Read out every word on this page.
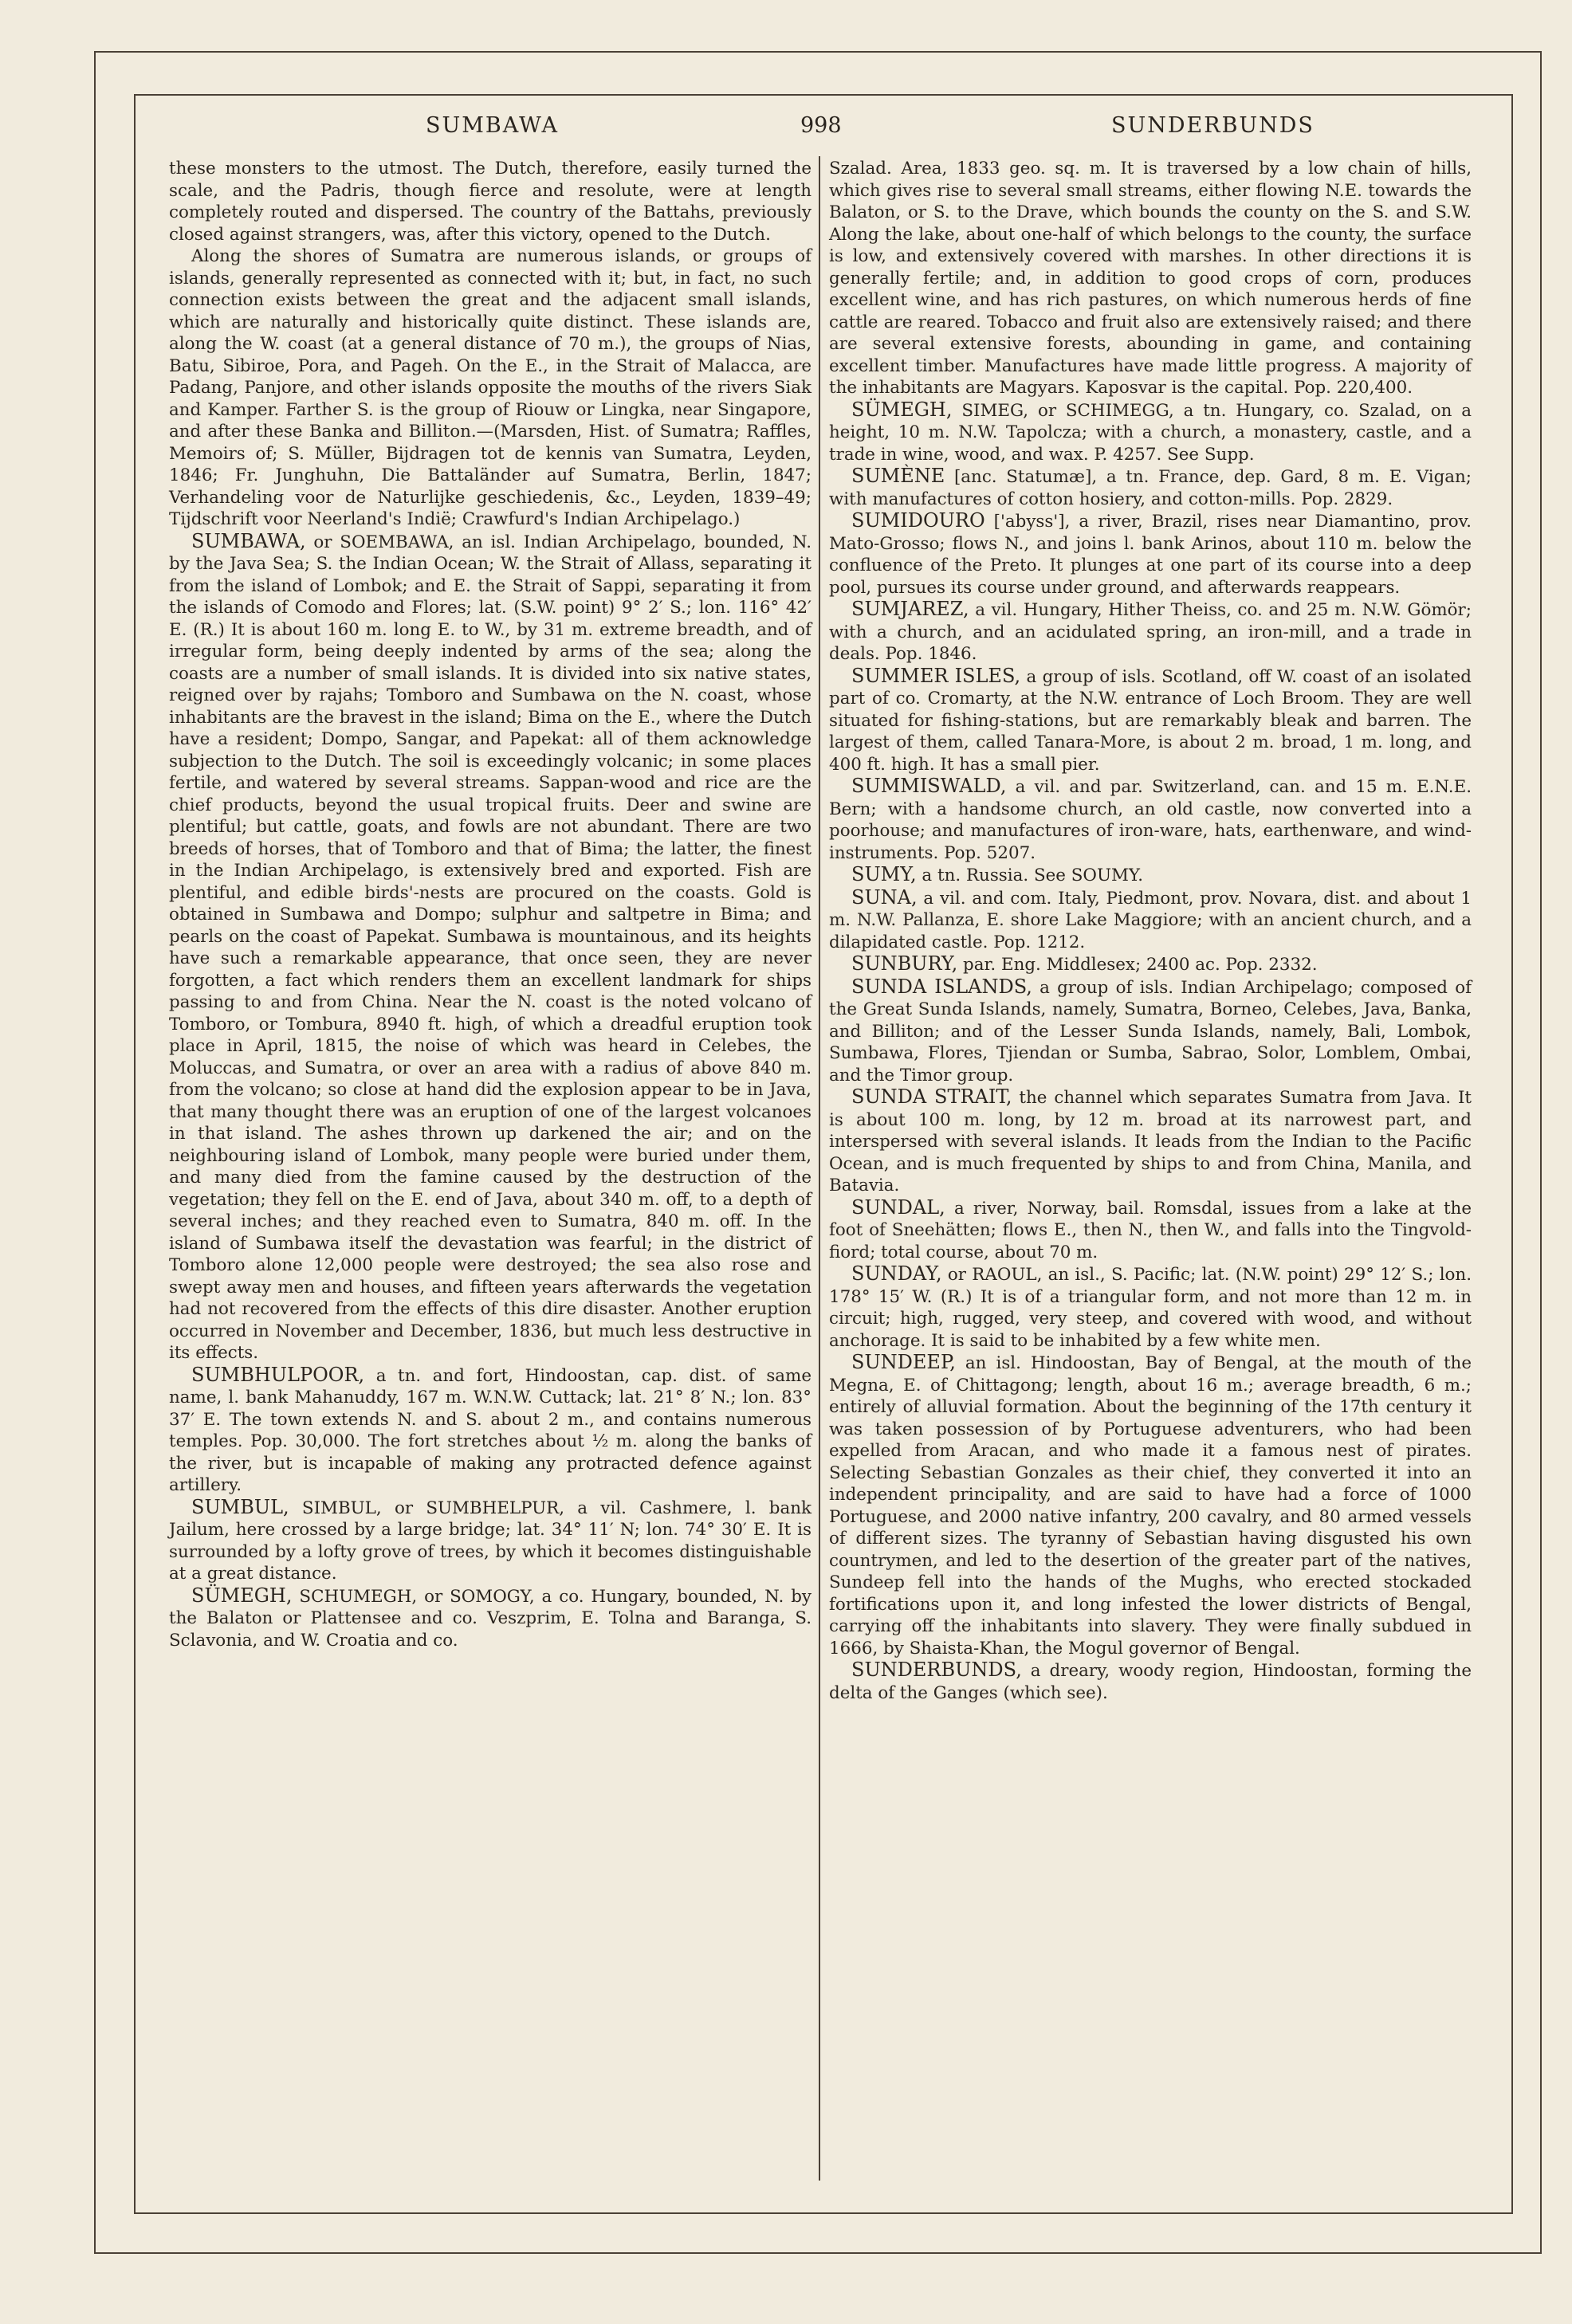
SUMBAWA	998	SUNDERBUNDS

these monsters to the utmost. The Dutch, therefore, easily turned the scale, and the Padris, though fierce and resolute, were at length completely routed and dispersed. The country of the Battahs, previously closed against strangers, was, after this victory, opened to the Dutch.

Along the shores of Sumatra are numerous islands, or groups of islands, generally represented as connected with it; but, in fact, no such connection exists between the great and the adjacent small islands, which are naturally and historically quite distinct. These islands are, along the W. coast (at a general distance of 70 m.), the groups of Nias, Batu, Sibiroe, Pora, and Pageh. On the E., in the Strait of Malacca, are Padang, Panjore, and other islands opposite the mouths of the rivers Siak and Kamper. Farther S. is the group of Riouw or Lingka, near Singapore, and after these Banka and Billiton.—(Marsden, Hist. of Sumatra; Raffles, Memoirs of; S. Müller, Bijdragen tot de kennis van Sumatra, Leyden, 1846; Fr. Junghuhn, Die Battaländer auf Sumatra, Berlin, 1847; Verhandeling voor de Naturlijke geschiedenis, &c., Leyden, 1839–49; Tijdschrift voor Neerland's Indië; Crawfurd's Indian Archipelago.)

SUMBAWA, or SOEMBAWA, an isl. Indian Archipelago, bounded, N. by the Java Sea; S. the Indian Ocean; W. the Strait of Allass, separating it from the island of Lombok; and E. the Strait of Sappi, separating it from the islands of Comodo and Flores; lat. (S.W. point) 9° 2′ S.; lon. 116° 42′ E. (R.) It is about 160 m. long E. to W., by 31 m. extreme breadth, and of irregular form, being deeply indented by arms of the sea; along the coasts are a number of small islands. It is divided into six native states, reigned over by rajahs; Tomboro and Sumbawa on the N. coast, whose inhabitants are the bravest in the island; Bima on the E., where the Dutch have a resident; Dompo, Sangar, and Papekat: all of them acknowledge subjection to the Dutch. The soil is exceedingly volcanic; in some places fertile, and watered by several streams. Sappan-wood and rice are the chief products, beyond the usual tropical fruits. Deer and swine are plentiful; but cattle, goats, and fowls are not abundant. There are two breeds of horses, that of Tomboro and that of Bima; the latter, the finest in the Indian Archipelago, is extensively bred and exported. Fish are plentiful, and edible birds'-nests are procured on the coasts. Gold is obtained in Sumbawa and Dompo; sulphur and saltpetre in Bima; and pearls on the coast of Papekat. Sumbawa is mountainous, and its heights have such a remarkable appearance, that once seen, they are never forgotten, a fact which renders them an excellent landmark for ships passing to and from China. Near the N. coast is the noted volcano of Tomboro, or Tombura, 8940 ft. high, of which a dreadful eruption took place in April, 1815, the noise of which was heard in Celebes, the Moluccas, and Sumatra, or over an area with a radius of above 840 m. from the volcano; so close at hand did the explosion appear to be in Java, that many thought there was an eruption of one of the largest volcanoes in that island. The ashes thrown up darkened the air; and on the neighbouring island of Lombok, many people were buried under them, and many died from the famine caused by the destruction of the vegetation; they fell on the E. end of Java, about 340 m. off, to a depth of several inches; and they reached even to Sumatra, 840 m. off. In the island of Sumbawa itself the devastation was fearful; in the district of Tomboro alone 12,000 people were destroyed; the sea also rose and swept away men and houses, and fifteen years afterwards the vegetation had not recovered from the effects of this dire disaster. Another eruption occurred in November and December, 1836, but much less destructive in its effects.

SUMBHULPOOR, a tn. and fort, Hindoostan, cap. dist. of same name, l. bank Mahanuddy, 167 m. W.N.W. Cuttack; lat. 21° 8′ N.; lon. 83° 37′ E. The town extends N. and S. about 2 m., and contains numerous temples. Pop. 30,000. The fort stretches about ½ m. along the banks of the river, but is incapable of making any protracted defence against artillery.

SUMBUL, SIMBUL, or SUMBHELPUR, a vil. Cashmere, l. bank Jailum, here crossed by a large bridge; lat. 34° 11′ N; lon. 74° 30′ E. It is surrounded by a lofty grove of trees, by which it becomes distinguishable at a great distance.

SÜMEGH, SCHUMEGH, or SOMOGY, a co. Hungary, bounded, N. by the Balaton or Plattensee and co. Veszprim, E. Tolna and Baranga, S. Sclavonia, and W. Croatia and co.

Szalad. Area, 1833 geo. sq. m. It is traversed by a low chain of hills, which gives rise to several small streams, either flowing N.E. towards the Balaton, or S. to the Drave, which bounds the county on the S. and S.W. Along the lake, about one-half of which belongs to the county, the surface is low, and extensively covered with marshes. In other directions it is generally fertile; and, in addition to good crops of corn, produces excellent wine, and has rich pastures, on which numerous herds of fine cattle are reared. Tobacco and fruit also are extensively raised; and there are several extensive forests, abounding in game, and containing excellent timber. Manufactures have made little progress. A majority of the inhabitants are Magyars. Kaposvar is the capital. Pop. 220,400.

SÜMEGH, SIMEG, or SCHIMEGG, a tn. Hungary, co. Szalad, on a height, 10 m. N.W. Tapolcza; with a church, a monastery, castle, and a trade in wine, wood, and wax. P. 4257. See Supp.

SUMÈNE [anc. Statumæ], a tn. France, dep. Gard, 8 m. E. Vigan; with manufactures of cotton hosiery, and cotton-mills. Pop. 2829.

SUMIDOURO ['abyss'], a river, Brazil, rises near Diamantino, prov. Mato-Grosso; flows N., and joins l. bank Arinos, about 110 m. below the confluence of the Preto. It plunges at one part of its course into a deep pool, pursues its course under ground, and afterwards reappears.

SUMJAREZ, a vil. Hungary, Hither Theiss, co. and 25 m. N.W. Gömör; with a church, and an acidulated spring, an iron-mill, and a trade in deals. Pop. 1846.

SUMMER ISLES, a group of isls. Scotland, off W. coast of an isolated part of co. Cromarty, at the N.W. entrance of Loch Broom. They are well situated for fishing-stations, but are remarkably bleak and barren. The largest of them, called Tanara-More, is about 2 m. broad, 1 m. long, and 400 ft. high. It has a small pier.

SUMMISWALD, a vil. and par. Switzerland, can. and 15 m. E.N.E. Bern; with a handsome church, an old castle, now converted into a poorhouse; and manufactures of iron-ware, hats, earthenware, and wind-instruments. Pop. 5207.

SUMY, a tn. Russia. See SOUMY.

SUNA, a vil. and com. Italy, Piedmont, prov. Novara, dist. and about 1 m. N.W. Pallanza, E. shore Lake Maggiore; with an ancient church, and a dilapidated castle. Pop. 1212.

SUNBURY, par. Eng. Middlesex; 2400 ac. Pop. 2332.

SUNDA ISLANDS, a group of isls. Indian Archipelago; composed of the Great Sunda Islands, namely, Sumatra, Borneo, Celebes, Java, Banka, and Billiton; and of the Lesser Sunda Islands, namely, Bali, Lombok, Sumbawa, Flores, Tjiendan or Sumba, Sabrao, Solor, Lomblem, Ombai, and the Timor group.

SUNDA STRAIT, the channel which separates Sumatra from Java. It is about 100 m. long, by 12 m. broad at its narrowest part, and interspersed with several islands. It leads from the Indian to the Pacific Ocean, and is much frequented by ships to and from China, Manila, and Batavia.

SUNDAL, a river, Norway, bail. Romsdal, issues from a lake at the foot of Sneehätten; flows E., then N., then W., and falls into the Tingvold-fiord; total course, about 70 m.

SUNDAY, or RAOUL, an isl., S. Pacific; lat. (N.W. point) 29° 12′ S.; lon. 178° 15′ W. (R.) It is of a triangular form, and not more than 12 m. in circuit; high, rugged, very steep, and covered with wood, and without anchorage. It is said to be inhabited by a few white men.

SUNDEEP, an isl. Hindoostan, Bay of Bengal, at the mouth of the Megna, E. of Chittagong; length, about 16 m.; average breadth, 6 m.; entirely of alluvial formation. About the beginning of the 17th century it was taken possession of by Portuguese adventurers, who had been expelled from Aracan, and who made it a famous nest of pirates. Selecting Sebastian Gonzales as their chief, they converted it into an independent principality, and are said to have had a force of 1000 Portuguese, and 2000 native infantry, 200 cavalry, and 80 armed vessels of different sizes. The tyranny of Sebastian having disgusted his own countrymen, and led to the desertion of the greater part of the natives, Sundeep fell into the hands of the Mughs, who erected stockaded fortifications upon it, and long infested the lower districts of Bengal, carrying off the inhabitants into slavery. They were finally subdued in 1666, by Shaista-Khan, the Mogul governor of Bengal.

SUNDERBUNDS, a dreary, woody region, Hindoostan, forming the delta of the Ganges (which see).
